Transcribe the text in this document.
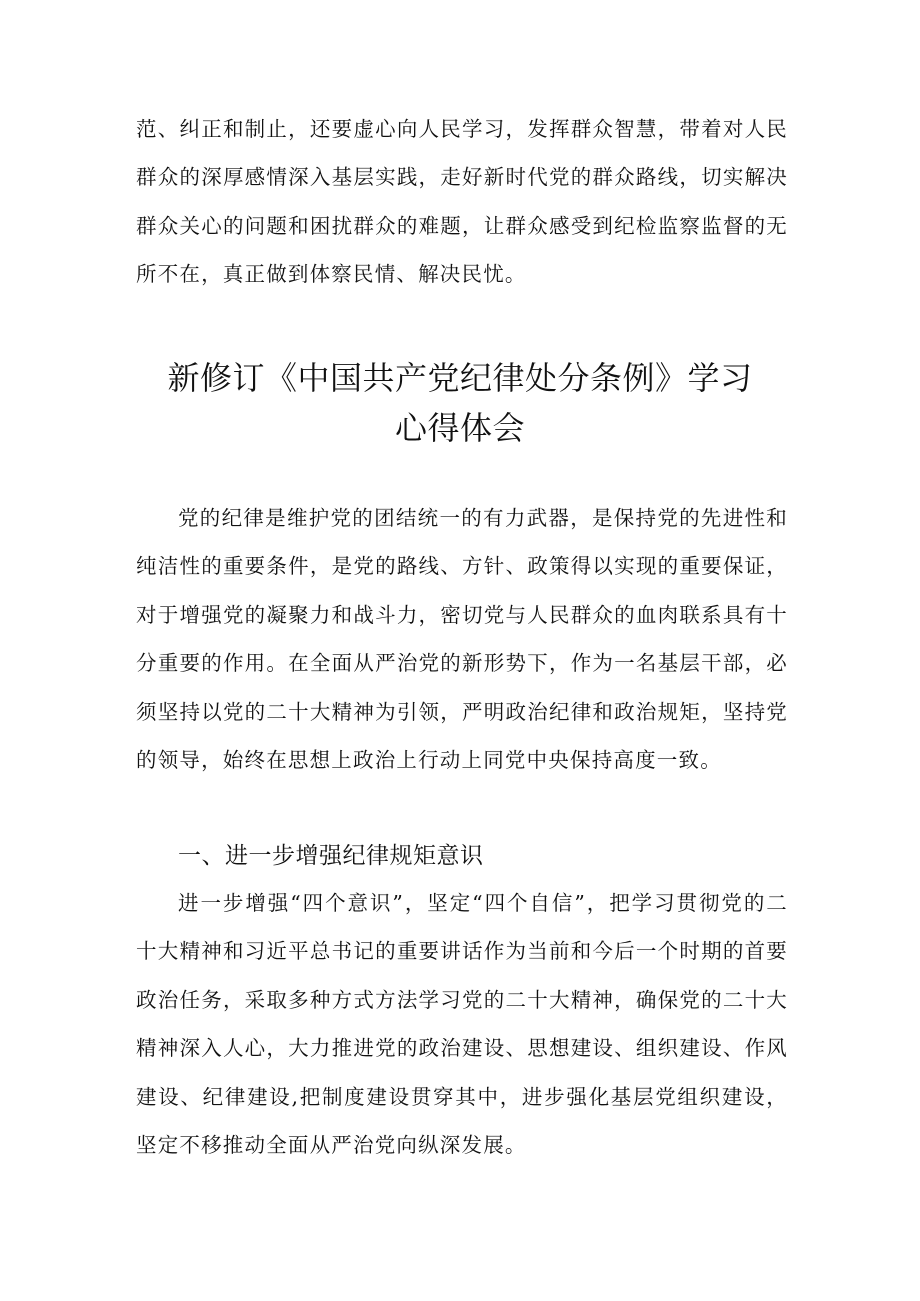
范、纠正和制止，还要虚心向人民学习，发挥群众智慧，带着对人民群众的深厚感情深入基层实践，走好新时代党的群众路线，切实解决群众关心的问题和困扰群众的难题，让群众感受到纪检监察监督的无所不在，真正做到体察民情、解决民忧。

新修订《中国共产党纪律处分条例》学习
心得体会

党的纪律是维护党的团结统一的有力武器，是保持党的先进性和纯洁性的重要条件，是党的路线、方针、政策得以实现的重要保证，对于增强党的凝聚力和战斗力，密切党与人民群众的血肉联系具有十分重要的作用。在全面从严治党的新形势下，作为一名基层干部，必须坚持以党的二十大精神为引领，严明政治纪律和政治规矩，坚持党的领导，始终在思想上政治上行动上同党中央保持高度一致。

一、进一步增强纪律规矩意识

进一步增强“四个意识”，坚定“四个自信”，把学习贯彻党的二十大精神和习近平总书记的重要讲话作为当前和今后一个时期的首要政治任务，采取多种方式方法学习党的二十大精神，确保党的二十大精神深入人心，大力推进党的政治建设、思想建设、组织建设、作风建设、纪律建设,把制度建设贯穿其中，进步强化基层党组织建设，坚定不移推动全面从严治党向纵深发展。
